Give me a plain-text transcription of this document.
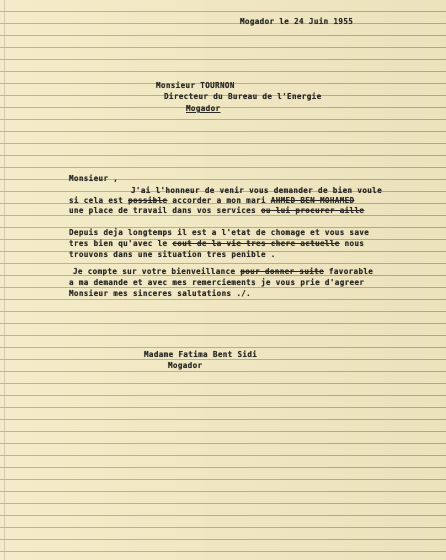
Mogador le 24 Juin 1955
Monsieur TOURNON
Directeur du Bureau de l'Energie
Mogador
Monsieur ,
J'ai l'honneur de venir vous demander de bien voule
si cela est possible accorder a mon mari AHMED BEN MOHAMED
une place de travail dans vos services ou lui procurer aille
Depuis deja longtemps il est a l'etat de chomage et vous save
tres bien qu'avec le cout de la vie tres chere actuelle nous
trouvons dans une situation tres penible .
Je compte sur votre bienveillance pour donner suite favorable
a ma demande et avec mes remerciements je vous prie d'agreer
Monsieur mes sinceres salutations ./.
Madame Fatima Bent Sidi
Mogador
